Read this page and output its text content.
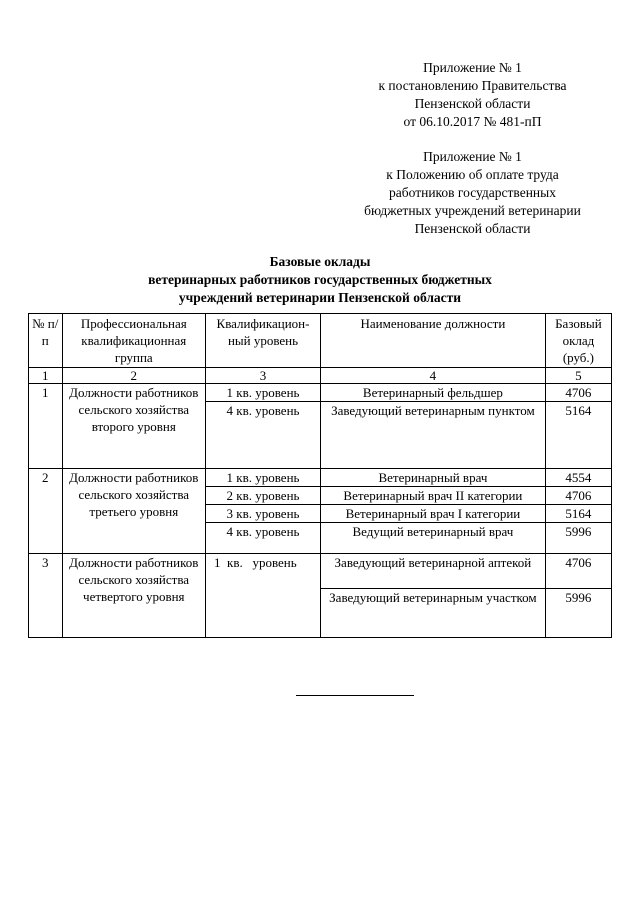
Приложение № 1
к постановлению Правительства
Пензенской области
от 06.10.2017 № 481-пП
Приложение № 1
к Положению об оплате труда
работников государственных
бюджетных учреждений ветеринарии
Пензенской области
Базовые оклады
ветеринарных работников государственных бюджетных
учреждений ветеринарии Пензенской области
№ п/п	Профессиональная квалификационная группа	Квалификацион-ный уровень	Наименование должности	Базовый оклад (руб.)
1	2	3	4	5
1	Должности работников сельского хозяйства второго уровня	1 кв. уровень	Ветеринарный фельдшер	4706
		4 кв. уровень	Заведующий ветеринарным пунктом	5164
2	Должности работников сельского хозяйства третьего уровня	1 кв. уровень	Ветеринарный врач	4554
		2 кв. уровень	Ветеринарный врач II категории	4706
		3 кв. уровень	Ветеринарный врач I категории	5164
		4 кв. уровень	Ведущий ветеринарный врач	5996
3	Должности работников сельского хозяйства четвертого уровня	1  кв.   уровень	Заведующий ветеринарной аптекой	4706
			Заведующий ветеринарным участком	5996
